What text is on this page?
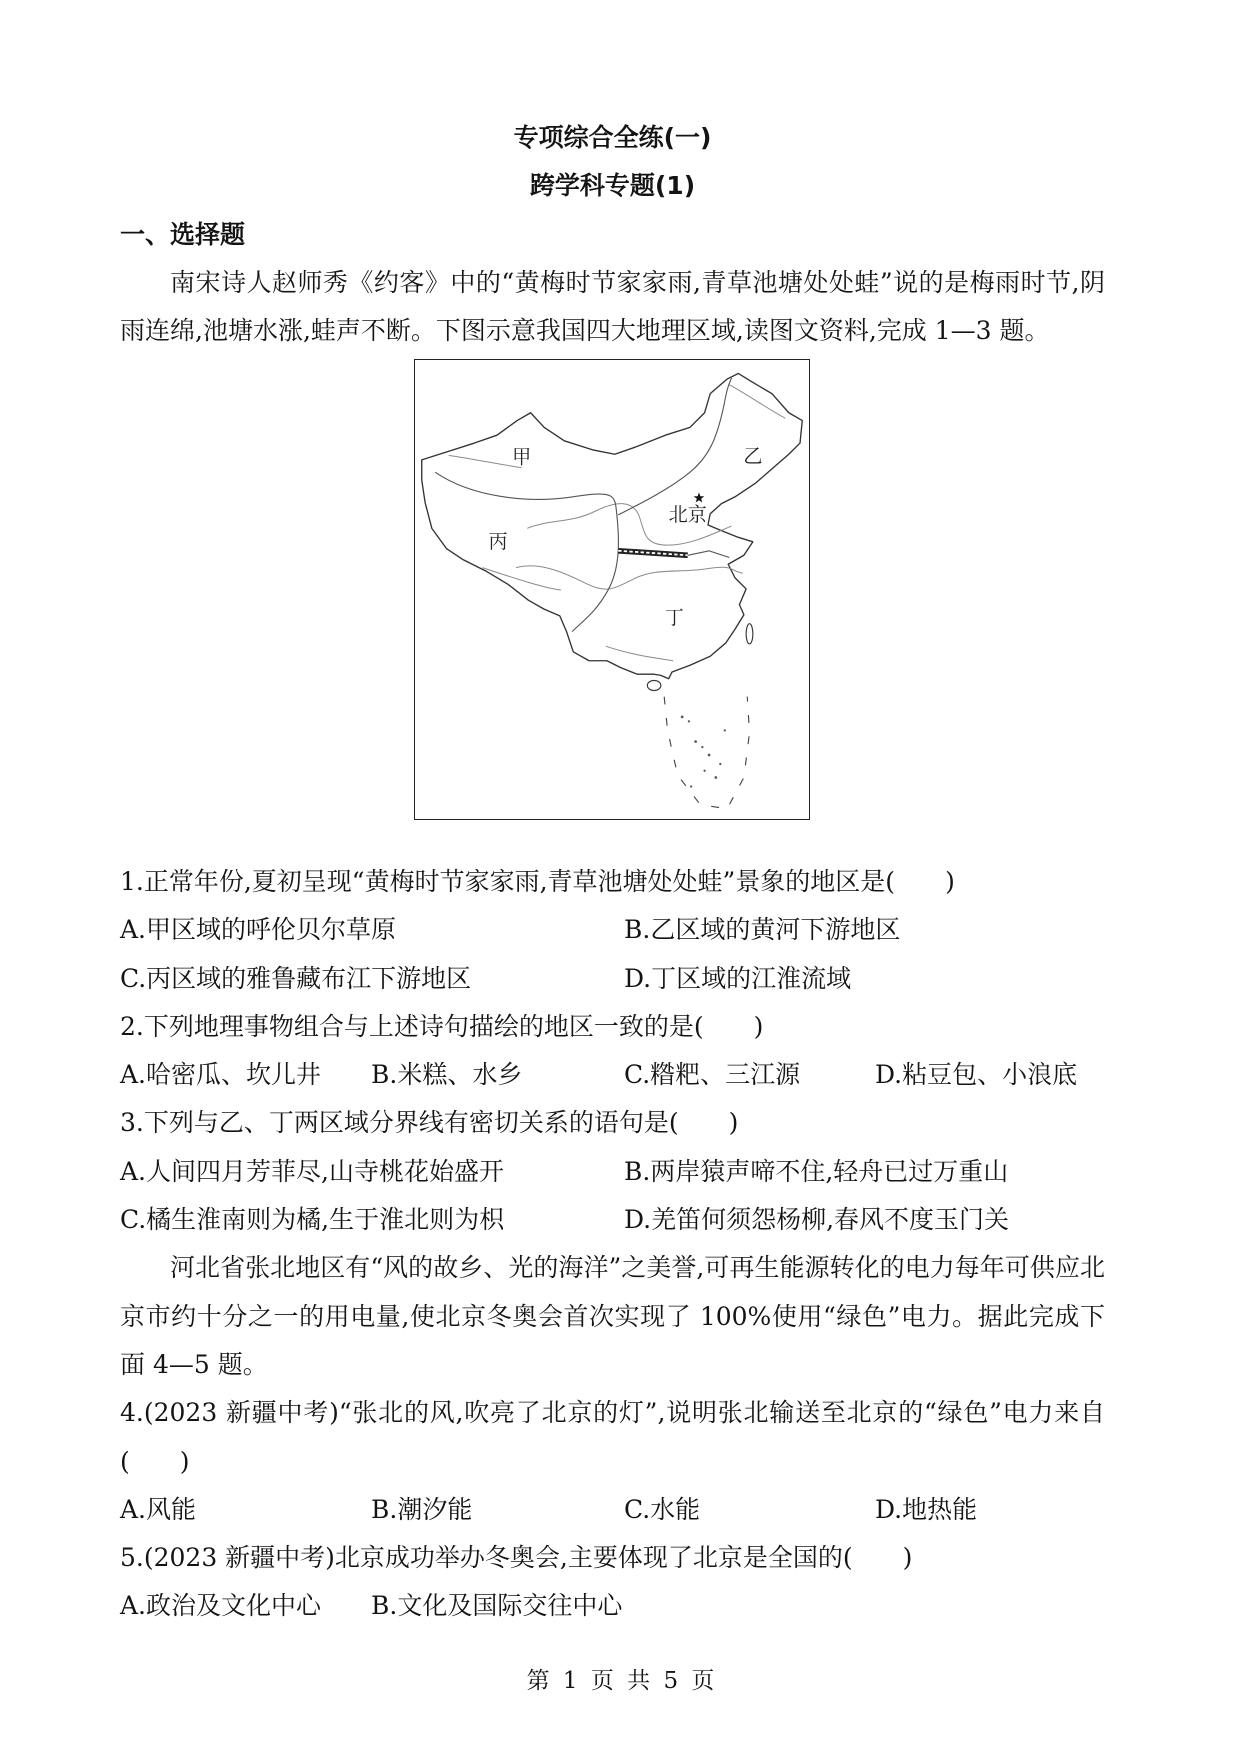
专项综合全练(一)
跨学科专题(1)
一、选择题

南宋诗人赵师秀《约客》中的“黄梅时节家家雨,青草池塘处处蛙”说的是梅雨时节,阴雨连绵,池塘水涨,蛙声不断。下图示意我国四大地理区域,读图文资料,完成 1—3 题。

甲	乙
丙
丁
北京
1.正常年份,夏初呈现“黄梅时节家家雨,青草池塘处处蛙”景象的地区是(　　)
A.甲区域的呼伦贝尔草原	B.乙区域的黄河下游地区
C.丙区域的雅鲁藏布江下游地区	D.丁区域的江淮流域
2.下列地理事物组合与上述诗句描绘的地区一致的是(　　)
A.哈密瓜、坎儿井	B.米糕、水乡	C.糌粑、三江源	D.粘豆包、小浪底
3.下列与乙、丁两区域分界线有密切关系的语句是(　　)
A.人间四月芳菲尽,山寺桃花始盛开	B.两岸猿声啼不住,轻舟已过万重山
C.橘生淮南则为橘,生于淮北则为枳	D.羌笛何须怨杨柳,春风不度玉门关

河北省张北地区有“风的故乡、光的海洋”之美誉,可再生能源转化的电力每年可供应北京市约十分之一的用电量,使北京冬奥会首次实现了 100%使用“绿色”电力。据此完成下面 4—5 题。

4.(2023 新疆中考)“张北的风,吹亮了北京的灯”,说明张北输送至北京的“绿色”电力来自(　　)
A.风能	B.潮汐能	C.水能	D.地热能
5.(2023 新疆中考)北京成功举办冬奥会,主要体现了北京是全国的(　　)
A.政治及文化中心	B.文化及国际交往中心
第 1 页 共 5 页
